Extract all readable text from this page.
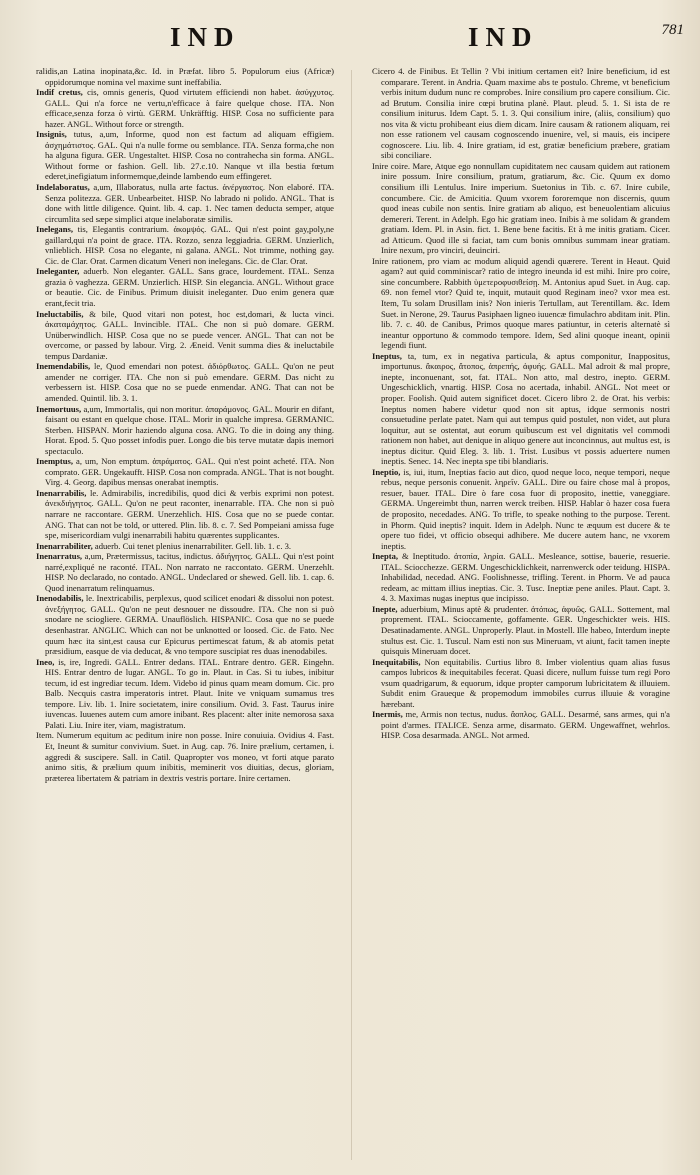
IND	IND	781

ralidis,an Latina inopinata,&c. Id. in Præfat. libro 5. Populorum eius (Africæ) oppidorumque nomina vel maxime sunt ineffabilia.

Indif cretus, cis, omnis generis, Quod virtutem efficiendi non habet. ἀσύγχυτος. GALL. Qui n'a force ne vertu,n'efficace à faire quelque chose. ITA. Non efficace,senza forza ò virtù. GERM. Unkräfftig. HISP. Cosa no sufficiente para hazer. ANGL. Without force or strength.

Insignis, tutus, a,um, Informe, quod non est factum ad aliquam effigiem. ἀσχημάτιστος. GAL. Qui n'a nulle forme ou semblance. ITA. Senza forma,che non ha alguna figura. GER. Ungestaltet. HISP. Cosa no contrahecha sin forma. ANGL. Without forme or fashion. Gell. lib. 27.c.10. Nanque vt illa bestia fœtum ederet,inefigiatum informemque,deinde lambendo eum effingeret.

Indelaboratus, a,um, Illaboratus, nulla arte factus. ἀνέργαστος. Non elaboré. ITA. Senza politezza. GER. Unbearbeitet. HISP. No labrado ni polido. ANGL. That is done with little diligence. Quint. lib. 4. cap. 1. Nec tamen deducta semper, atque circumlita sed sæpe simplici atque inelaboratæ similis.

Inelegans, tis, Elegantis contrarium. ἀκομψός. GAL. Qui n'est point gay,poly,ne gaillard,qui n'a point de grace. ITA. Rozzo, senza leggiadria. GERM. Unzierlich, vnlieblich. HISP. Cosa no elegante, ni galana. ANGL. Not trimme, nothing gay. Cic. de Clar. Orat. Carmen dicatum Veneri non inelegans. Cic. de Clar. Orat.

Ineleganter, aduerb. Non eleganter. GALL. Sans grace, lourdement. ITAL. Senza grazia ò vaghezza. GERM. Unzierlich. HISP. Sin elegancia. ANGL. Without grace or beautie. Cic. de Finibus. Primum diuisit ineleganter. Duo enim genera quæ erant,fecit tria.

Ineluctabilis, & bile, Quod vitari non potest, hoc est,domari, & lucta vinci. ἀκαταμάχητος. GALL. Invincible. ITAL. Che non si può domare. GERM. Unüberwindlich. HISP. Cosa que no se puede vencer. ANGL. That can not be overcome, or passed by labour. Virg. 2. Æneid. Venit summa dies & ineluctabile tempus Dardaniæ.

Inemendabilis, le, Quod emendari non potest. ἀδιόρθωτος. GALL. Qu'on ne peut amender ne corriger. ITA. Che non si può emendare. GERM. Das nicht zu verbessern ist. HISP. Cosa que no se puede enmendar. ANG. That can not be amended. Quintil. lib. 3. 1.

Inemortuus, a,um, Immortalis, qui non moritur. ἀπαράμονος. GAL. Mourir en difant, faisant ou estant en quelque chose. ITAL. Morir in qualche impresa. GERMANIC. Sterben. HISPAN. Morir haziendo alguna cosa. ANG. To die in doing any thing. Horat. Epod. 5. Quo posset infodis puer. Longo die bis terve mutatæ dapis inemori spectaculo.

Inemptus, a, um, Non emptum. ἀπράματος. GAL. Qui n'est point acheté. ITA. Non comprato. GER. Ungekaufft. HISP. Cosa non comprada. ANGL. That is not bought. Virg. 4. Georg. dapibus mensas onerabat inemptis.

Inenarrabilis, le. Admirabilis, incredibilis, quod dici & verbis exprimi non potest. ἀνεκδιήγητος. GALL. Qu'on ne peut raconter, inenarrable. ITA. Che non si può narrare ne raccontare. GERM. Unerzehlich. HIS. Cosa que no se puede contar. ANG. That can not be told, or uttered. Plin. lib. 8. c. 7. Sed Pompeiani amissa fuge spe, misericordiam vulgi inenarrabili habitu quærentes supplicantes.

Inenarrabiliter, aduerb. Cui tenet plenius inenarrabiliter. Gell. lib. 1. c. 3.

Inenarratus, a,um, Prætermissus, tacitus, indictus. ἀδιήγητος. GALL. Qui n'est point narré,expliqué ne raconté. ITAL. Non narrato ne raccontato. GERM. Unerzehlt. HISP. No declarado, no contado. ANGL. Undeclared or shewed. Gell. lib. 1. cap. 6. Quod inenarratum relinquamus.

Inenodabilis, le. Inextricabilis, perplexus, quod scilicet enodari & dissolui non potest. ἀνεξήγητος. GALL. Qu'on ne peut desnouer ne dissoudre. ITA. Che non si può snodare ne sciogliere. GERMA. Unauflöslich. HISPANIC. Cosa que no se puede desenhastrar. ANGLIC. Which can not be unknotted or loosed. Cic. de Fato. Nec quum hæc ita sint,est causa cur Epicurus pertimescat fatum, & ab atomis petat præsidium, easque de via deducat, & vno tempore suscipiat res duas inenodabiles.

Ineo, is, ire, Ingredi. GALL. Entrer dedans. ITAL. Entrare dentro. GER. Eingehn. HIS. Entrar dentro de lugar. ANGL. To go in. Plaut. in Cas. Si tu iubes, inibitur tecum, id est ingrediar tecum. Idem. Videbo id pinus quam meam domum. Cic. pro Balb. Necquis castra imperatoris intret. Plaut. Inite ve vniquam sumamus tres tempore. Liv. lib. 1. Inire societatem, inire consilium. Ovid. 3. Fast. Taurus inire iuvencas. Iuuenes autem cum amore inibant. Res placent: alter inite nemorosa saxa Palati. Liu. Inire iter, viam, magistratum.

Item. Numerum equitum ac peditum inire non posse. Inire conuiuia. Ovidius 4. Fast. Et, Ineunt & sumitur convivium. Suet. in Aug. cap. 76. Inire prælium, certamen, i. aggredi & suscipere. Sall. in Catil. Quapropter vos moneo, vt forti atque parato animo sitis, & prælium quum inibitis, meminerit vos diuitias, decus, gloriam, præterea libertatem & patriam in dextris vestris portare. Inire certamen.

Cicero 4. de Finibus. Et Tellin ? Vbi initium certamen eit? Inire beneficium, id est comparare. Terent. in Andria. Quam maxime abs te postulo. Chreme, vt beneficium verbis initum dudum nunc re comprobes. Inire consilium pro capere consilium. Cic. ad Brutum. Consilia inire cœpi brutina planè. Plaut. pleud. 5. 1. Si ista de re consilium initurus. Idem Capt. 5. 1. 3. Qui consilium inire, (aliis, consilium) quo nos vita & victu prohibeant eius diem dicam. Inire causam & rationem aliquam, rei non esse rationem vel causam cognoscendo inuenire, vel, si mauis, eis incipere cognoscere. Liu. lib. 4. Inire gratiam, id est, gratiæ beneficium præbere, gratiam sibi conciliare.

Inire coire. Mare, Atque ego nonnullam cupiditatem nec causam quidem aut rationem inire possum. Inire consilium, pratum, gratiarum, &c. Cic. Quum ex domo consilium illi Lentulus. Inire imperium. Suetonius in Tib. c. 67. Inire cubile, concumbere. Cic. de Amicitia. Quum vxorem fororemque non discernis, quum quod ineas cubile non sentis. Inire gratiam ab aliquo, est beneuolentiam alicuius demereri. Terent. in Adelph. Ego hic gratiam ineo. Inibis à me solidam & grandem gratiam. Idem. Pl. in Asin. fict. 1. Bene bene facitis. Et à me initis gratiam. Cicer. ad Atticum. Quod ille si faciat, tam cum bonis omnibus summam inear gratiam. Inire nexum, pro vinciri, deuinciri.

Inire rationem, pro viam ac modum aliquid agendi quærere. Terent in Heaut. Quid agam? aut quid comminiscar? ratio de integro ineunda id est mihi. Inire pro coire, sine concumbere. Rabbith ὑμετεροφυσιθείσῃ. M. Antonius apud Suet. in Aug. cap. 69. non femel vtor? Quid te, inquit, mutauit quod Reginam ineo? vxor mea est. Item, Tu solam Drusillam inis? Non inieris Tertullam, aut Terentillam. &c. Idem Suet. in Nerone, 29. Taurus Pasiphaen ligneo iuuencæ fimulachro abditam init. Plin. lib. 7. c. 40. de Canibus, Primos quoque mares patiuntur, in ceteris alternatè sì ineantur opportuno & commodo tempore. Idem, Sed alini quoque ineant, opinii legendi fiunt.

Ineptus, ta, tum, ex in negativa particula, & aptus componitur, Inappositus, importunus. ἄκαιρος, ἄτοπος, ἀπρεπής, ἀφυής. GALL. Mal adroit & mal propre, inepte, inconuenant, sot, fat. ITAL. Non atto, mal destro, inepto. GERM. Ungeschicklich, vnartig. HISP. Cosa no acertada, inhabil. ANGL. Not meet or proper. Foolish. Quid autem significet docet. Cicero libro 2. de Orat. his verbis: Ineptus nomen habere videtur quod non sit aptus, idque sermonis nostri consuetudine perlate patet. Nam qui aut tempus quid postulet, non videt, aut plura loquitur, aut se ostentat, aut eorum quibuscum est vel dignitatis vel commodi rationem non habet, aut denique in aliquo genere aut inconcinnus, aut multus est, is ineptus dicitur. Quid Eleg. 3. lib. 1. Trist. Lusibus vt possis aduertere numen ineptis. Senec. 14. Nec inepta spe tibi blandiaris.

Ineptio, is, iui, itum, Ineptias facio aut dico, quod neque loco, neque tempori, neque rebus, neque personis conuenit. ληρεῖν. GALL. Dire ou faire chose mal à propos, resuer, bauer. ITAL. Dire ò fare cosa fuor di proposito, inettie, vaneggiare. GERMA. Ungereimbt thun, narren werck treiben. HISP. Hablar ò hazer cosa fuera de proposito, necedades. ANG. To trifle, to speake nothing to the purpose. Terent. in Phorm. Quid ineptis? inquit. Idem in Adelph. Nunc te æquum est ducere & te opere tuo fidei, vt officio obsequi adhibere. Me ducere autem hanc, ne vxorem ineptis.

Inepta, & Ineptitudo. ἀτοπία, ληρία. GALL. Mesleance, sottise, bauerie, resuerie. ITAL. Sciocchezze. GERM. Ungeschicklichkeit, narrenwerck oder teidung. HISPA. Inhabilidad, necedad. ANG. Foolishnesse, trifling. Terent. in Phorm. Ve ad pauca redeam, ac mittam illius ineptias. Cic. 3. Tusc. Ineptiæ pene aniles. Plaut. Capt. 3. 4. 3. Maximas nugas ineptus que incipisso.

Inepte, aduerbium, Minus aptè & prudenter. ἀτόπως, ἀφυῶς. GALL. Sottement, mal proprement. ITAL. Scioccamente, goffamente. GER. Ungeschickter weis. HIS. Desatinadamente. ANGL. Unproperly. Plaut. in Mostell. Ille habeo, Interdum inepte stultus est. Cic. 1. Tuscul. Nam esti non sus Mineruam, vt aiunt, facit tamen inepte quisquis Mineruam docet.

Inequitabilis, Non equitabilis. Curtius libro 8. Imber violentius quam alias fusus campos lubricos & inequitabiles fecerat. Quasi dicere, nullum fuisse tum regi Poro vsum quadrigarum, & equorum, idque propter camporum lubricitatem & illuuiem. Subdit enim Graueque & propemodum immobiles currus illuuie & voragine hærebant.

Inermis, me, Armis non tectus, nudus. ἄοπλος. GALL. Desarmé, sans armes, qui n'a point d'armes. ITALICE. Senza arme, disarmato. GERM. Ungewaffnet, wehrlos. HISP. Cosa desarmada. ANGL. Not armed.
